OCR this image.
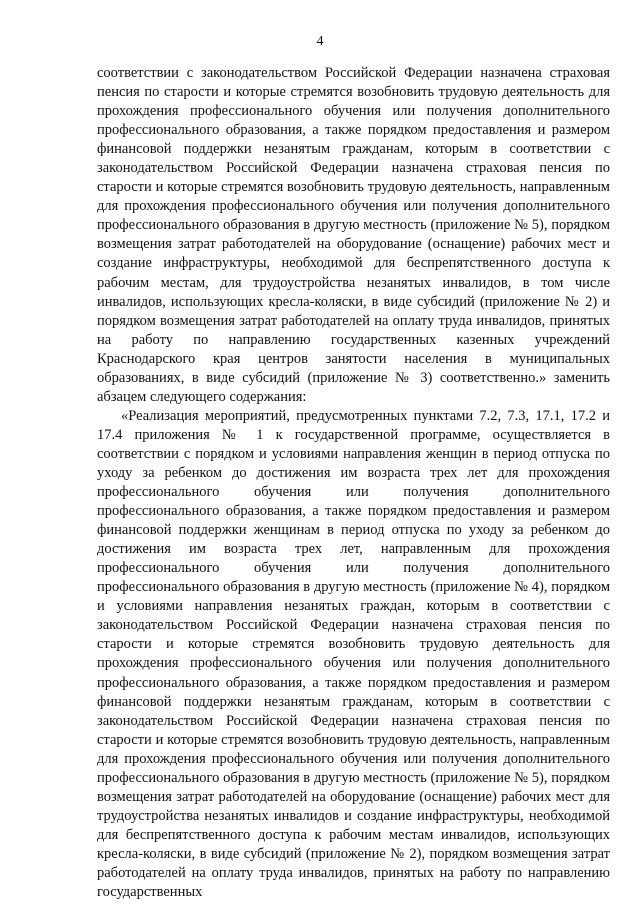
4

соответствии с законодательством Российской Федерации назначена страховая пенсия по старости и которые стремятся возобновить трудовую деятельность для прохождения профессионального обучения или получения дополнительного профессионального образования, а также порядком предоставления и размером финансовой поддержки незанятым гражданам, которым в соответствии с законодательством Российской Федерации назначена страховая пенсия по старости и которые стремятся возобновить трудовую деятельность, направленным для прохождения профессионального обучения или получения дополнительного профессионального образования в другую местность (приложение № 5), порядком возмещения затрат работодателей на оборудование (оснащение) рабочих мест и создание инфраструктуры, необходимой для беспрепятственного доступа к рабочим местам, для трудоустройства незанятых инвалидов, в том числе инвалидов, использующих кресла-коляски, в виде субсидий (приложение № 2) и порядком возмещения затрат работодателей на оплату труда инвалидов, принятых на работу по направлению государственных казенных учреждений Краснодарского края центров занятости населения в муниципальных образованиях, в виде субсидий (приложение № 3) соответственно.» заменить абзацем следующего содержания:

«Реализация мероприятий, предусмотренных пунктами 7.2, 7.3, 17.1, 17.2 и 17.4 приложения № 1 к государственной программе, осуществляется в соответствии с порядком и условиями направления женщин в период отпуска по уходу за ребенком до достижения им возраста трех лет для прохождения профессионального обучения или получения дополнительного профессионального образования, а также порядком предоставления и размером финансовой поддержки женщинам в период отпуска по уходу за ребенком до достижения им возраста трех лет, направленным для прохождения профессионального обучения или получения дополнительного профессионального образования в другую местность (приложение № 4), порядком и условиями направления незанятых граждан, которым в соответствии с законодательством Российской Федерации назначена страховая пенсия по старости и которые стремятся возобновить трудовую деятельность для прохождения профессионального обучения или получения дополнительного профессионального образования, а также порядком предоставления и размером финансовой поддержки незанятым гражданам, которым в соответствии с законодательством Российской Федерации назначена страховая пенсия по старости и которые стремятся возобновить трудовую деятельность, направленным для прохождения профессионального обучения или получения дополнительного профессионального образования в другую местность (приложение № 5), порядком возмещения затрат работодателей на оборудование (оснащение) рабочих мест для трудоустройства незанятых инвалидов и создание инфраструктуры, необходимой для беспрепятственного доступа к рабочим местам инвалидов, использующих кресла-коляски, в виде субсидий (приложение № 2), порядком возмещения затрат работодателей на оплату труда инвалидов, принятых на работу по направлению государственных
